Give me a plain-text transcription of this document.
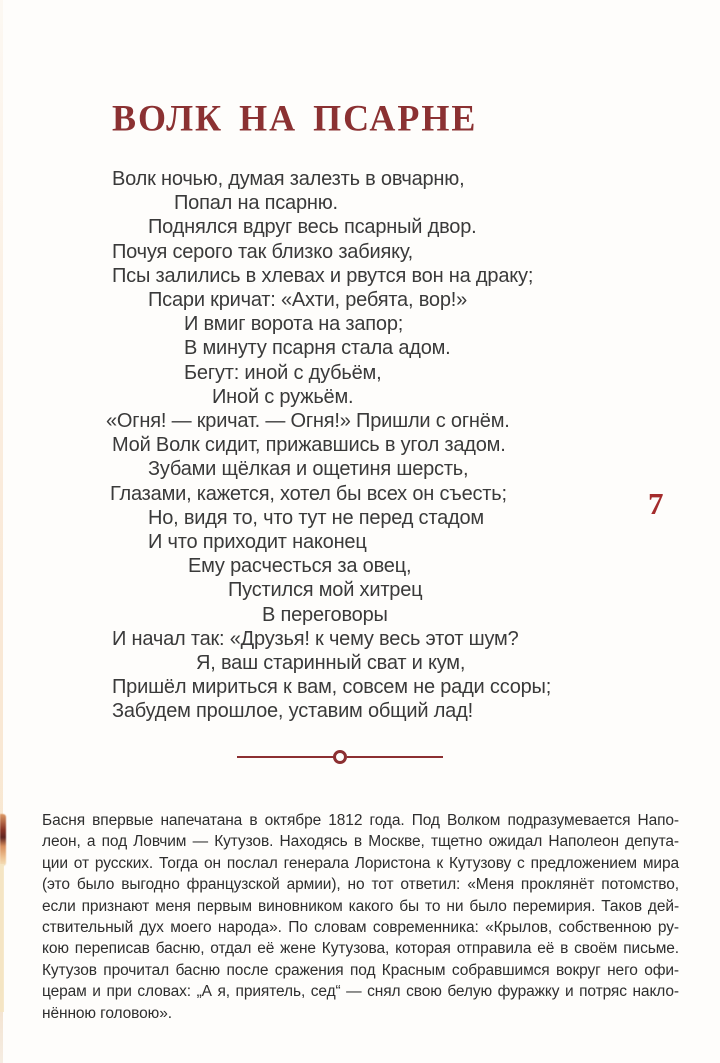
ВОЛК НА ПСАРНЕ
Волк ночью, думая залезть в овчарню,
Попал на псарню.
Поднялся вдруг весь псарный двор.
Почуя серого так близко забияку,
Псы залились в хлевах и рвутся вон на драку;
Псари кричат: «Ахти, ребята, вор!»
И вмиг ворота на запор;
В минуту псарня стала адом.
Бегут: иной с дубьём,
Иной с ружьём.
«Огня! — кричат. — Огня!» Пришли с огнём.
Мой Волк сидит, прижавшись в угол задом.
Зубами щёлкая и ощетиня шерсть,
Глазами, кажется, хотел бы всех он съесть;
Но, видя то, что тут не перед стадом
И что приходит наконец
Ему расчесться за овец,
Пустился мой хитрец
В переговоры
И начал так: «Друзья! к чему весь этот шум?
Я, ваш старинный сват и кум,
Пришёл мириться к вам, совсем не ради ссоры;
Забудем прошлое, уставим общий лад!
7
Басня впервые напечатана в октябре 1812 года. Под Волком подразумевается Напо-
леон, а под Ловчим — Кутузов. Находясь в Москве, тщетно ожидал Наполеон депута-
ции от русских. Тогда он послал генерала Лористона к Кутузову с предложением мира
(это было выгодно французской армии), но тот ответил: «Меня проклянёт потомство,
если признают меня первым виновником какого бы то ни было перемирия. Таков дей-
ствительный дух моего народа». По словам современника: «Крылов, собственною ру-
кою переписав басню, отдал её жене Кутузова, которая отправила её в своём письме.
Кутузов прочитал басню после сражения под Красным собравшимся вокруг него офи-
церам и при словах: „А я, приятель, сед“ — снял свою белую фуражку и потряс накло-
нённою головою».
